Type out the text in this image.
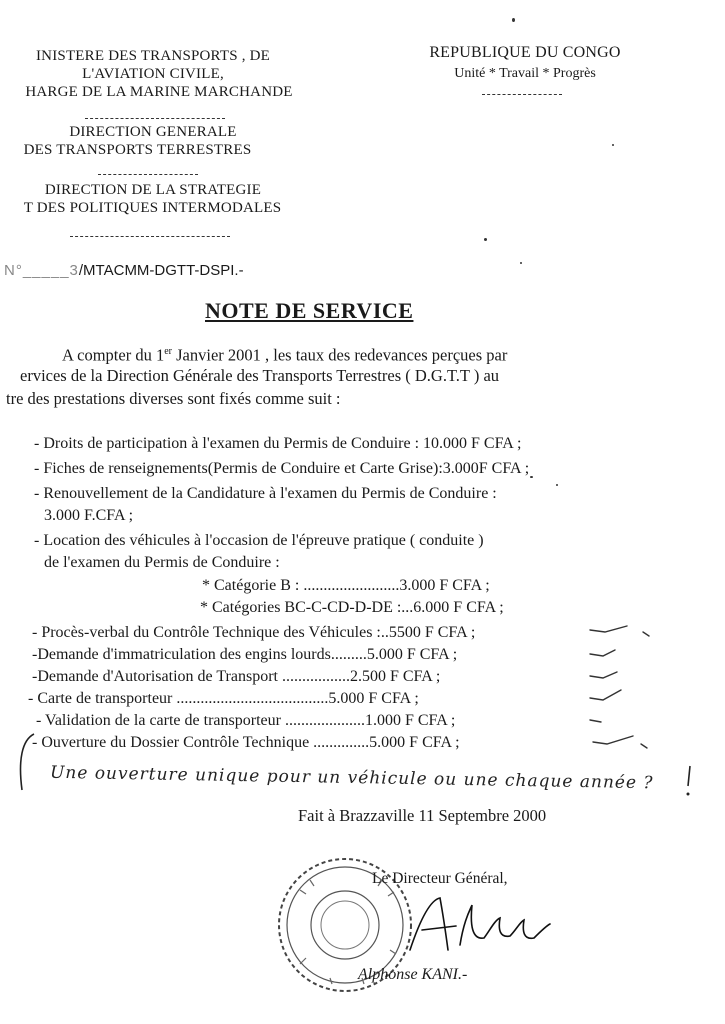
INISTERE DES TRANSPORTS , DE
L'AVIATION CIVILE,
HARGE DE LA MARINE MARCHANDE
DIRECTION GENERALE
DES TRANSPORTS TERRESTRES
DIRECTION DE LA STRATEGIE
T DES POLITIQUES INTERMODALES
REPUBLIQUE DU CONGO
Unité * Travail * Progrès
N°_____3/MTACMM-DGTT-DSPI.-
NOTE DE SERVICE
A compter du 1er Janvier 2001 , les taux des redevances perçues par
ervices de la Direction Générale des Transports Terrestres ( D.G.T.T ) au
tre des prestations diverses sont fixés comme suit :
- Droits de participation à l'examen du Permis de Conduire : 10.000 F CFA ;
- Fiches de renseignements(Permis de Conduire et Carte Grise):3.000F CFA ;
- Renouvellement de la Candidature à l'examen du Permis de Conduire :
3.000 F.CFA ;
- Location des véhicules à l'occasion de l'épreuve pratique ( conduite )
de l'examen du Permis de Conduire :
* Catégorie B : ........................3.000 F CFA ;
* Catégories BC-C-CD-D-DE :...6.000 F CFA ;
- Procès-verbal du Contrôle Technique des Véhicules :..5500 F CFA ;
-Demande d'immatriculation des engins lourds.........5.000 F CFA ;
-Demande d'Autorisation de Transport .................2.500 F CFA ;
- Carte de transporteur ......................................5.000 F CFA ;
- Validation de la carte de transporteur ....................1.000 F CFA ;
- Ouverture du Dossier Contrôle Technique ..............5.000 F CFA ;
Une ouverture unique pour un véhicule ou une chaque année ?
Fait à Brazzaville 11 Septembre 2000
Le Directeur Général,
AKani
Alphonse KANI.-
